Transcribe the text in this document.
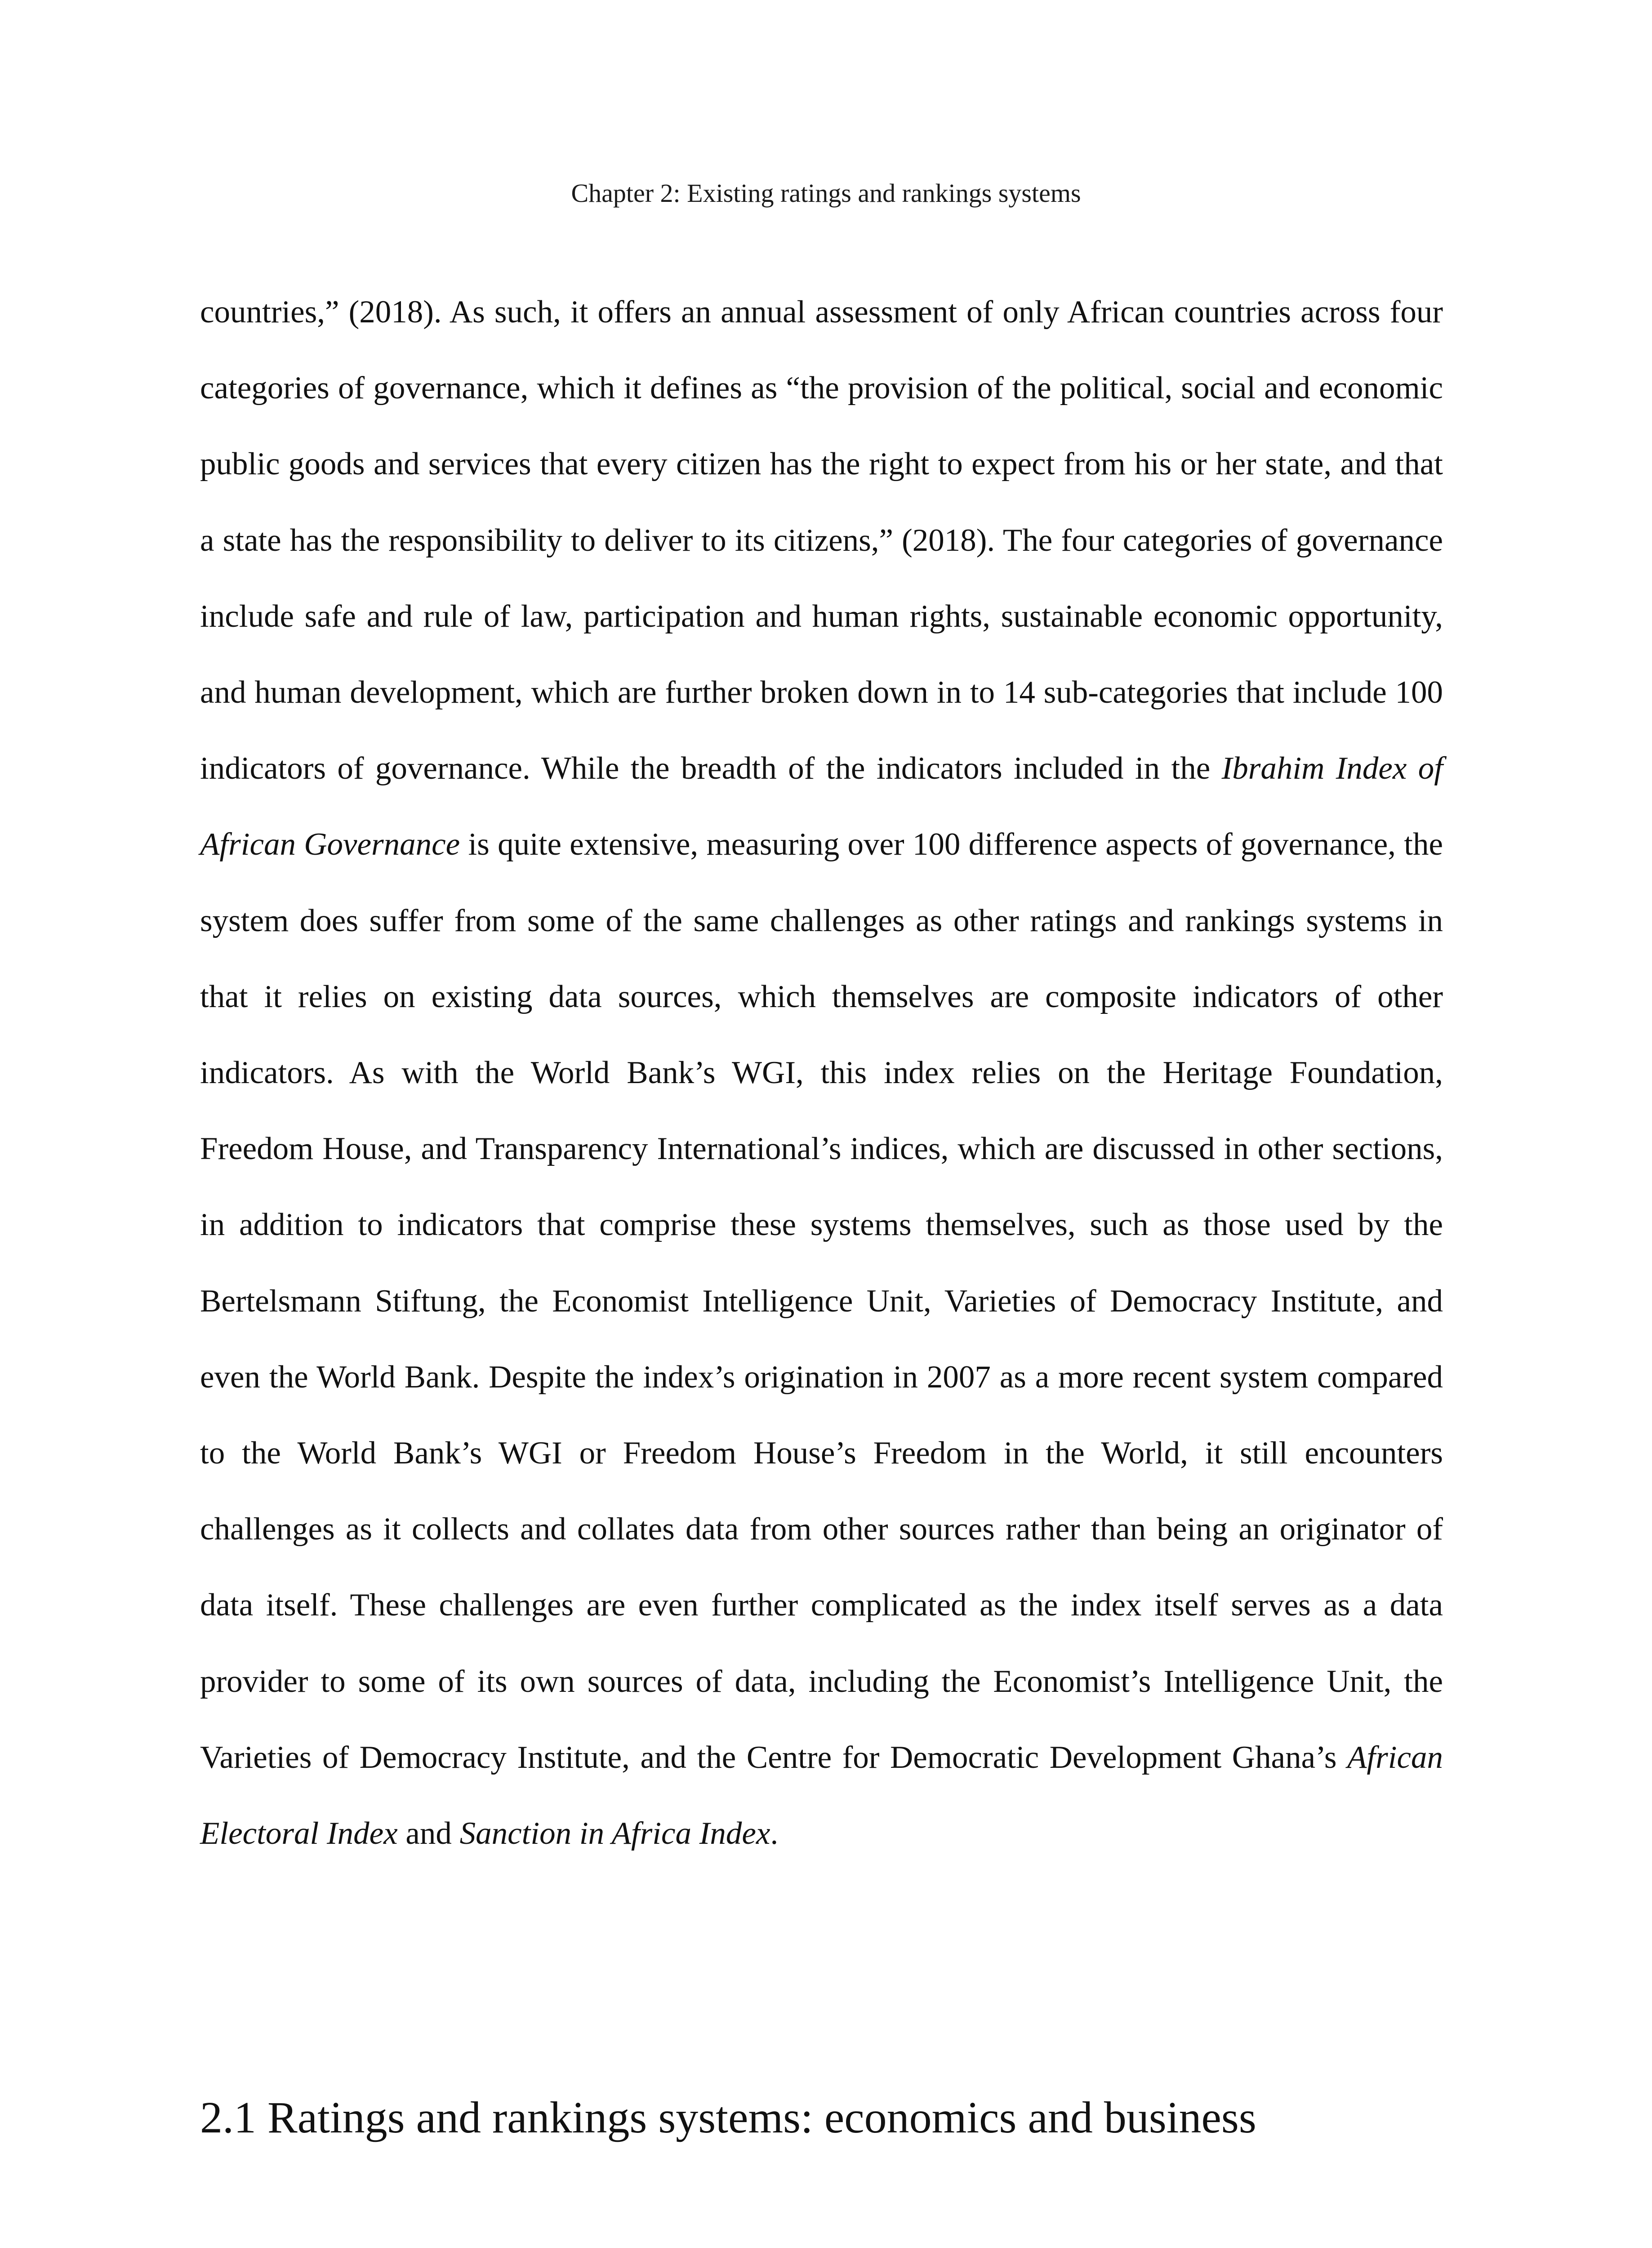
Chapter 2: Existing ratings and rankings systems

countries,” (2018). As such, it offers an annual assessment of only African countries across four categories of governance, which it defines as “the provision of the political, social and economic public goods and services that every citizen has the right to expect from his or her state, and that a state has the responsibility to deliver to its citizens,” (2018). The four categories of governance include safe and rule of law, participation and human rights, sustainable economic opportunity, and human development, which are further broken down in to 14 sub-categories that include 100 indicators of governance. While the breadth of the indicators included in the Ibrahim Index of African Governance is quite extensive, measuring over 100 difference aspects of governance, the system does suffer from some of the same challenges as other ratings and rankings systems in that it relies on existing data sources, which themselves are composite indicators of other indicators. As with the World Bank’s WGI, this index relies on the Heritage Foundation, Freedom House, and Transparency International’s indices, which are discussed in other sections, in addition to indicators that comprise these systems themselves, such as those used by the Bertelsmann Stiftung, the Economist Intelligence Unit, Varieties of Democracy Institute, and even the World Bank. Despite the index’s origination in 2007 as a more recent system compared to the World Bank’s WGI or Freedom House’s Freedom in the World, it still encounters challenges as it collects and collates data from other sources rather than being an originator of data itself. These challenges are even further complicated as the index itself serves as a data provider to some of its own sources of data, including the Economist’s Intelligence Unit, the Varieties of Democracy Institute, and the Centre for Democratic Development Ghana’s African Electoral Index and Sanction in Africa Index.

2.1 Ratings and rankings systems: economics and business
